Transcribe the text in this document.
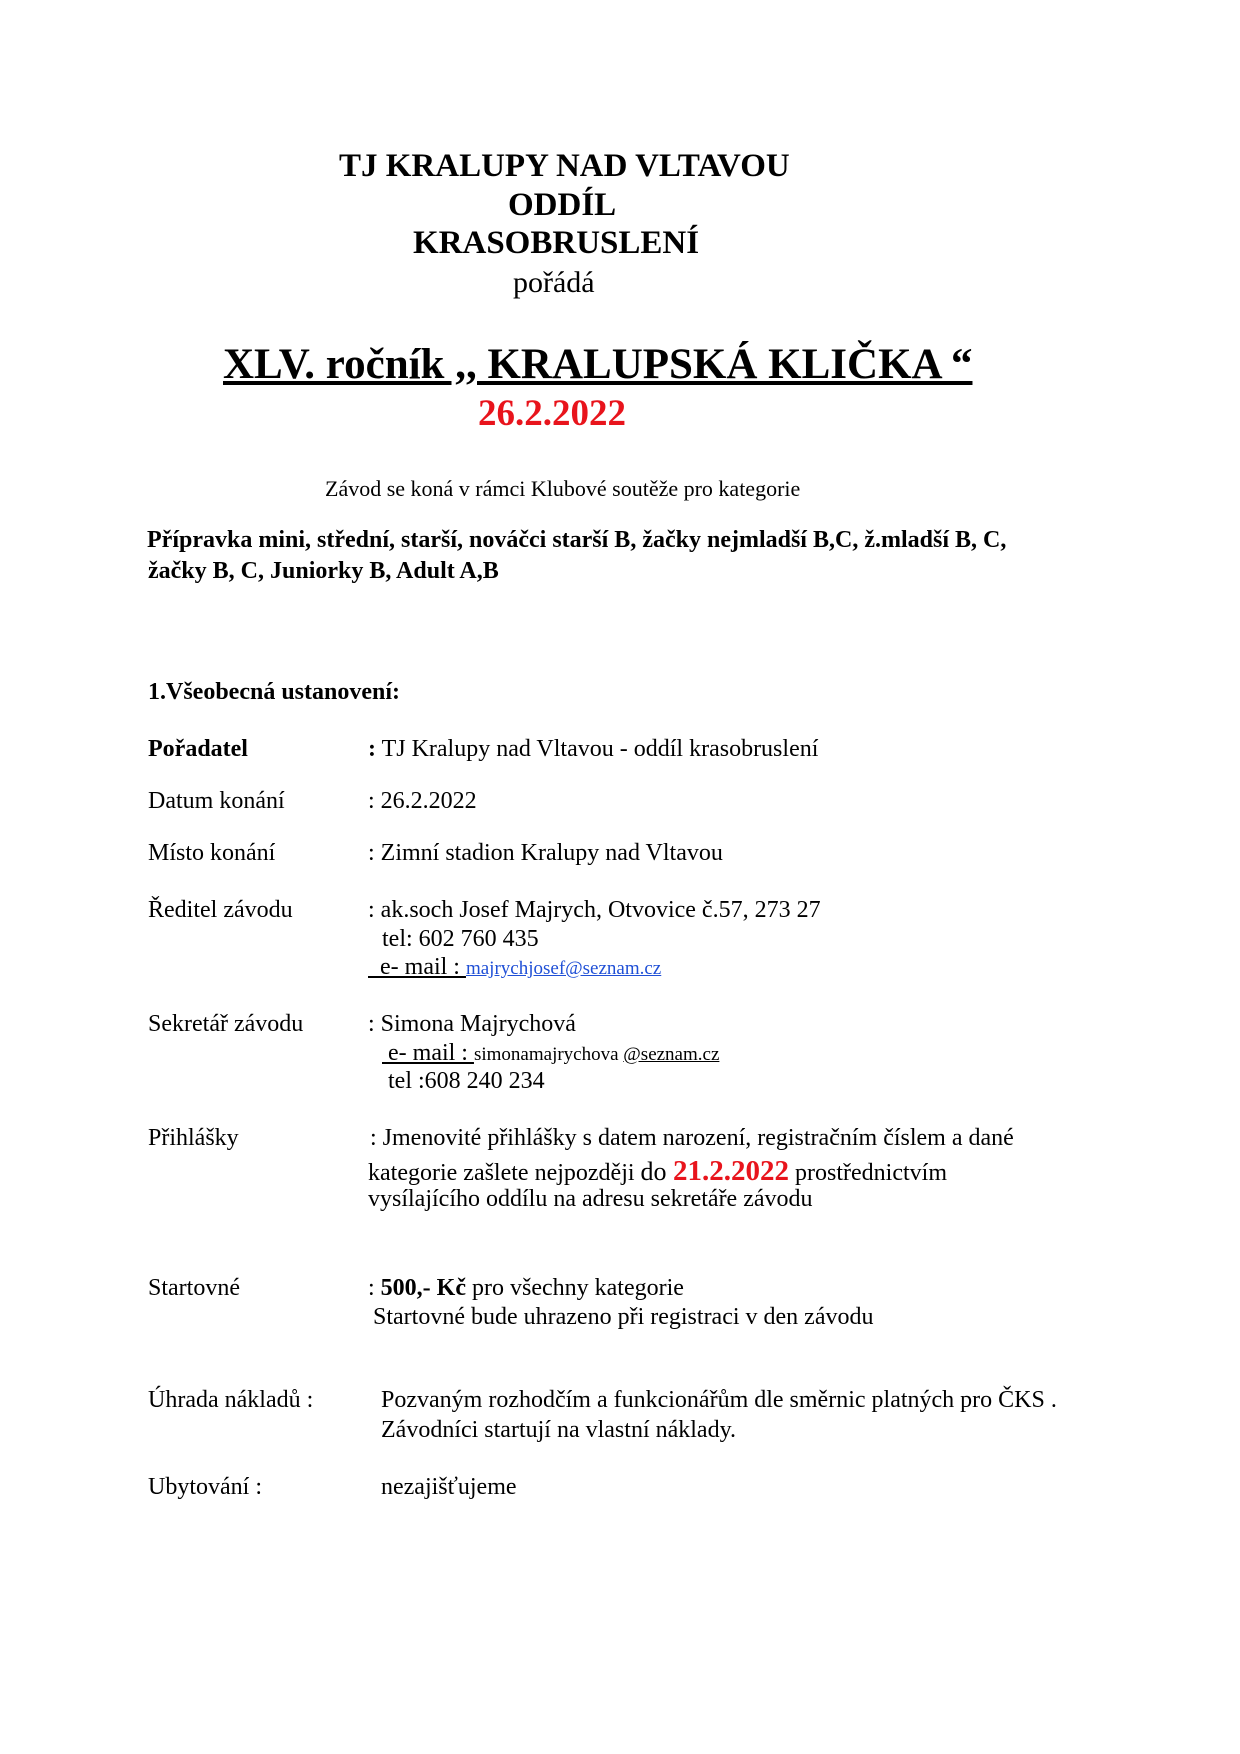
TJ KRALUPY NAD VLTAVOU
ODDÍL
KRASOBRUSLENÍ
pořádá
XLV. ročník ,, KRALUPSKÁ KLIČKA “
26.2.2022
Závod se koná v rámci Klubové soutěže pro kategorie
Přípravka mini, střední, starší, nováčci starší B, žačky nejmladší B,C, ž.mladší B, C,
žačky B, C, Juniorky B, Adult A,B
1.Všeobecná ustanovení:
Pořadatel	: TJ Kralupy nad Vltavou - oddíl krasobruslení
Datum konání	: 26.2.2022
Místo konání	: Zimní stadion Kralupy nad Vltavou
Ředitel závodu	: ak.soch Josef Majrych, Otvovice č.57, 273 27
tel: 602 760 435
e- mail : majrychjosef@seznam.cz
Sekretář závodu	: Simona Majrychová
e- mail : simonamajrychova @seznam.cz
tel :608 240 234
Přihlášky	: Jmenovité přihlášky s datem narození, registračním číslem a dané
kategorie zašlete nejpozději do 21.2.2022 prostřednictvím
vysílajícího oddílu na adresu sekretáře závodu
Startovné	: 500,- Kč pro všechny kategorie
Startovné bude uhrazeno při registraci v den závodu
Úhrada nákladů :	Pozvaným rozhodčím a funkcionářům dle směrnic platných pro ČKS .
Závodníci startují na vlastní náklady.
Ubytování :	nezajišťujeme
